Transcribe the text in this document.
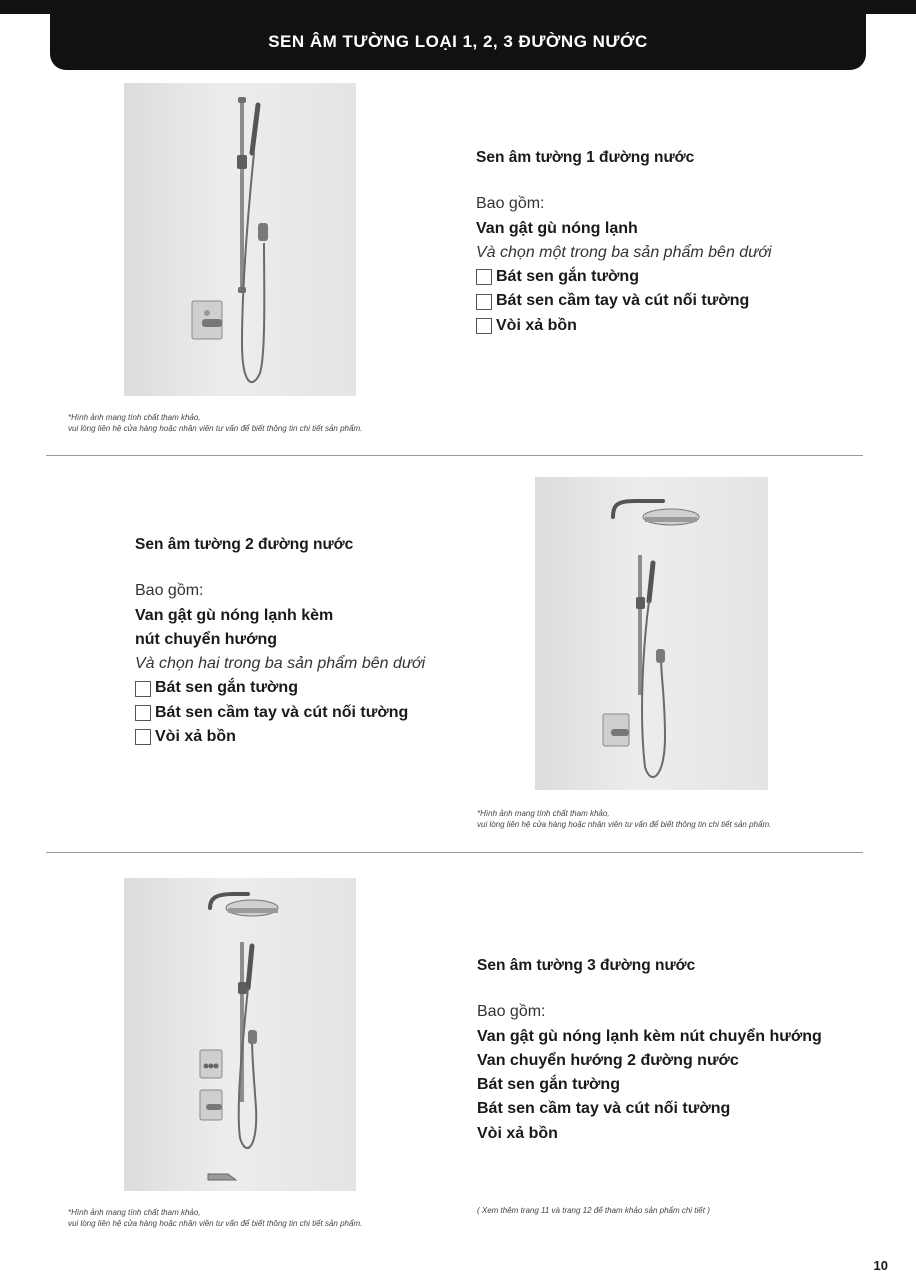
SEN ÂM TƯỜNG LOẠI 1, 2, 3 ĐƯỜNG NƯỚC
*Hình ảnh mang tính chất tham khảo,
vui lòng liên hệ cửa hàng hoặc nhân viên tư vấn để biết thông tin chi tiết sản phẩm.
Sen âm tường 1 đường nước
Bao gồm:
Van gật gù nóng lạnh
Và chọn một trong ba sản phẩm bên dưới
Bát sen gắn tường
Bát sen cầm tay và cút nối tường
Vòi xả bồn
Sen âm tường 2 đường nước
Bao gồm:
Van gật gù nóng lạnh kèm
nút chuyển hướng
Và chọn hai trong ba sản phẩm bên dưới
Bát sen gắn tường
Bát sen cầm tay và cút nối tường
Vòi xả bồn
*Hình ảnh mang tính chất tham khảo,
vui lòng liên hệ cửa hàng hoặc nhân viên tư vấn để biết thông tin chi tiết sản phẩm.
*Hình ảnh mang tính chất tham khảo,
vui lòng liên hệ cửa hàng hoặc nhân viên tư vấn để biết thông tin chi tiết sản phẩm.
Sen âm tường 3 đường nước
Bao gồm:
Van gật gù nóng lạnh kèm nút chuyển hướng
Van chuyển hướng 2 đường nước
Bát sen gắn tường
Bát sen cầm tay và cút nối tường
Vòi xả bồn
( Xem thêm trang 11 và trang 12 để tham khảo sản phẩm chi tiết )
10
